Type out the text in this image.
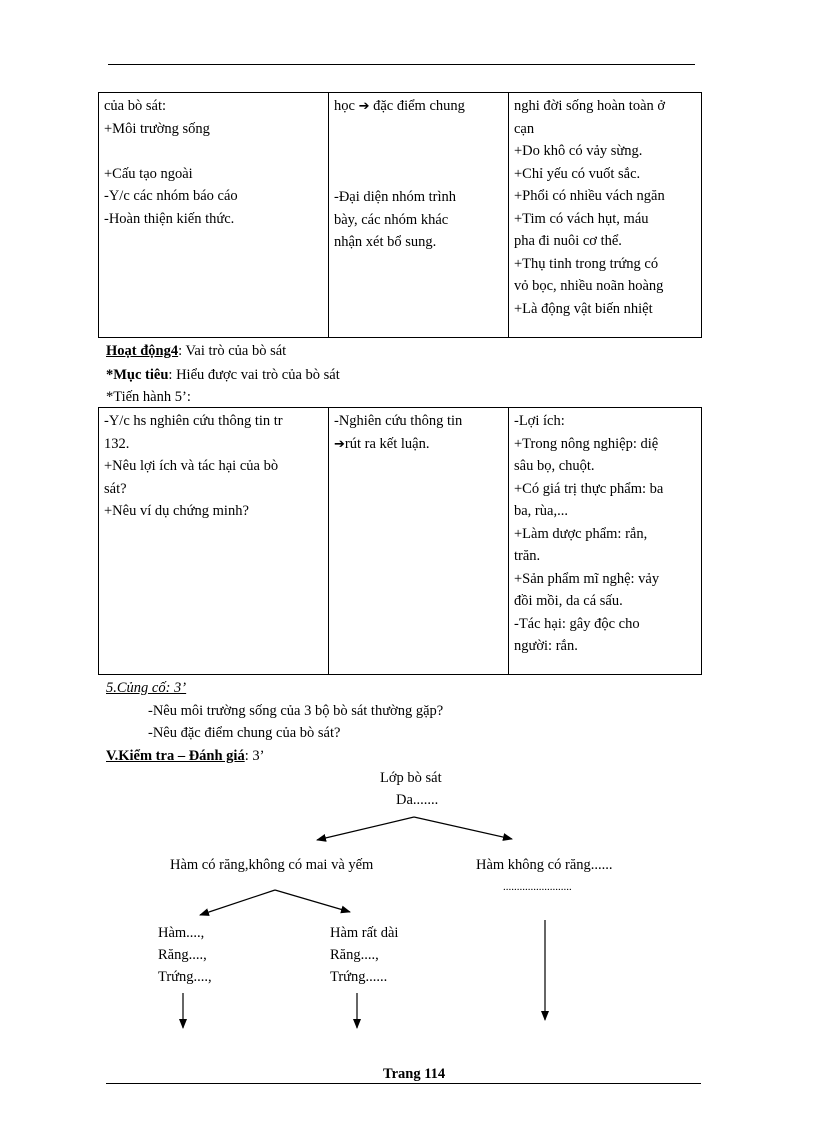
của bò sát:
+Môi trường sống
+Cấu tạo ngoài
-Y/c các nhóm báo cáo
-Hoàn thiện kiến thức.

học ➔ đặc điểm chung
-Đại diện nhóm trình
bày, các nhóm khác
nhận xét bổ sung.

nghi đời sống hoàn toàn ở
cạn
+Do khô có vảy sừng.
+Chỉ yếu có vuốt sắc.
+Phổi có nhiều vách ngăn
+Tim có vách hụt, máu
pha đi nuôi cơ thể.
+Thụ tinh trong trứng có
vỏ bọc, nhiều noãn hoàng
+Là động vật biến nhiệt
Hoạt động4: Vai trò của bò sát
*Mục tiêu: Hiểu được vai trò của bò sát
*Tiến hành 5’:
-Y/c hs nghiên cứu thông tin tr
132.
+Nêu lợi ích và tác hại của bò
sát?
+Nêu ví dụ chứng minh?

-Nghiên cứu thông tin
➔rút ra kết luận.

-Lợi ích:
+Trong nông nghiệp: diệ
sâu bọ, chuột.
+Có giá trị thực phẩm: ba
ba, rùa,...
+Làm dược phẩm: rắn,
trăn.
+Sản phẩm mĩ nghệ: vảy
đồi mồi, da cá sấu.
-Tác hại: gây độc cho
người: rắn.
5.Củng cố: 3’
-Nêu môi trường sống của 3 bộ bò sát thường gặp?
-Nêu đặc điểm chung của bò sát?
V.Kiểm tra – Đánh giá: 3’
Lớp bò sát
Da.......
Hàm có răng,không có mai và yếm	Hàm không có răng......
.........................
Hàm....,
Răng....,
Trứng....,
Hàm rất dài
Răng....,
Trứng......
Trang 114
